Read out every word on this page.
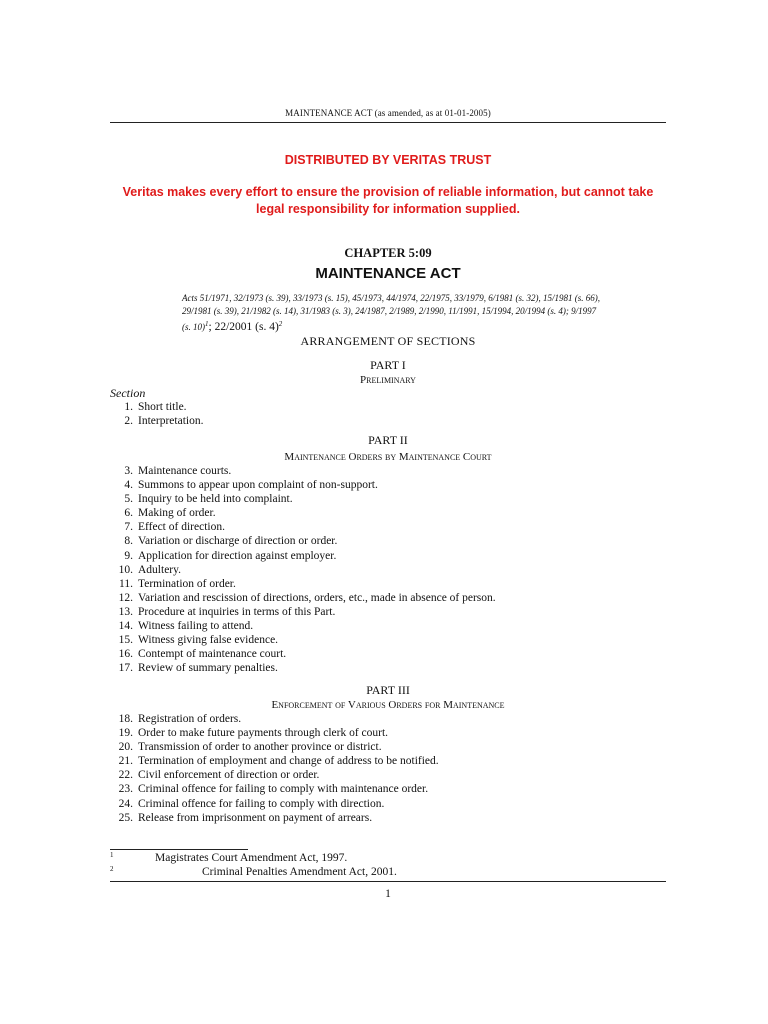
MAINTENANCE ACT (as amended, as at 01-01-2005)
DISTRIBUTED BY VERITAS TRUST
Veritas makes every effort to ensure the provision of reliable information, but cannot take legal responsibility for information supplied.
CHAPTER 5:09
MAINTENANCE ACT
Acts 51/1971, 32/1973 (s. 39), 33/1973 (s. 15), 45/1973, 44/1974, 22/1975, 33/1979, 6/1981 (s. 32), 15/1981 (s. 66), 29/1981 (s. 39), 21/1982 (s. 14), 31/1983 (s. 3), 24/1987, 2/1989, 2/1990, 11/1991, 15/1994, 20/1994 (s. 4); 9/1997 (s. 10)$^1$; 22/2001 (s. 4)$^2$
ARRANGEMENT OF SECTIONS
PART I
Preliminary
Section
1. Short title.
2. Interpretation.
PART II
Maintenance Orders by Maintenance Court
3. Maintenance courts.
4. Summons to appear upon complaint of non-support.
5. Inquiry to be held into complaint.
6. Making of order.
7. Effect of direction.
8. Variation or discharge of direction or order.
9. Application for direction against employer.
10. Adultery.
11. Termination of order.
12. Variation and rescission of directions, orders, etc., made in absence of person.
13. Procedure at inquiries in terms of this Part.
14. Witness failing to attend.
15. Witness giving false evidence.
16. Contempt of maintenance court.
17. Review of summary penalties.
PART III
Enforcement of Various Orders for Maintenance
18. Registration of orders.
19. Order to make future payments through clerk of court.
20. Transmission of order to another province or district.
21. Termination of employment and change of address to be notified.
22. Civil enforcement of direction or order.
23. Criminal offence for failing to comply with maintenance order.
24. Criminal offence for failing to comply with direction.
25. Release from imprisonment on payment of arrears.
1	Magistrates Court Amendment Act, 1997.
2	Criminal Penalties Amendment Act, 2001.
1
